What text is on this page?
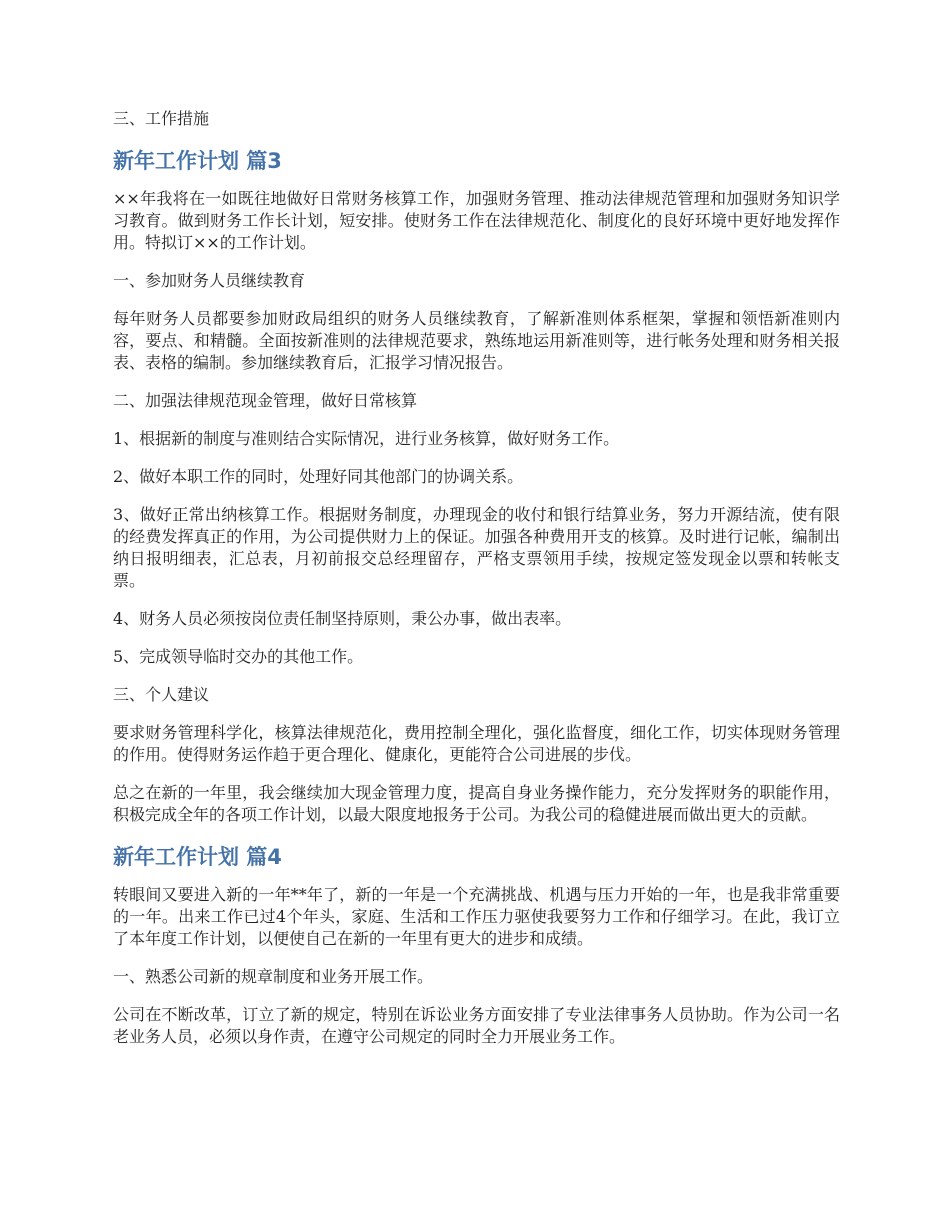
三、工作措施

新年工作计划 篇3

××年我将在一如既往地做好日常财务核算工作，加强财务管理、推动法律规范管理和加强财务知识学习教育。做到财务工作长计划，短安排。使财务工作在法律规范化、制度化的良好环境中更好地发挥作用。特拟订××的工作计划。

一、参加财务人员继续教育

每年财务人员都要参加财政局组织的财务人员继续教育，了解新准则体系框架，掌握和领悟新准则内容，要点、和精髓。全面按新准则的法律规范要求，熟练地运用新准则等，进行帐务处理和财务相关报表、表格的编制。参加继续教育后，汇报学习情况报告。

二、加强法律规范现金管理，做好日常核算

1、根据新的制度与准则结合实际情况，进行业务核算，做好财务工作。

2、做好本职工作的同时，处理好同其他部门的协调关系。

3、做好正常出纳核算工作。根据财务制度，办理现金的收付和银行结算业务，努力开源结流，使有限的经费发挥真正的作用，为公司提供财力上的保证。加强各种费用开支的核算。及时进行记帐，编制出纳日报明细表，汇总表，月初前报交总经理留存，严格支票领用手续，按规定签发现金以票和转帐支票。

4、财务人员必须按岗位责任制坚持原则，秉公办事，做出表率。

5、完成领导临时交办的其他工作。

三、个人建议

要求财务管理科学化，核算法律规范化，费用控制全理化，强化监督度，细化工作，切实体现财务管理的作用。使得财务运作趋于更合理化、健康化，更能符合公司进展的步伐。

总之在新的一年里，我会继续加大现金管理力度，提高自身业务操作能力，充分发挥财务的职能作用，积极完成全年的各项工作计划，以最大限度地报务于公司。为我公司的稳健进展而做出更大的贡献。

新年工作计划 篇4

转眼间又要进入新的一年**年了，新的一年是一个充满挑战、机遇与压力开始的一年，也是我非常重要的一年。出来工作已过4个年头，家庭、生活和工作压力驱使我要努力工作和仔细学习。在此，我订立了本年度工作计划，以便使自己在新的一年里有更大的进步和成绩。

一、熟悉公司新的规章制度和业务开展工作。

公司在不断改革，订立了新的规定，特别在诉讼业务方面安排了专业法律事务人员协助。作为公司一名老业务人员，必须以身作责，在遵守公司规定的同时全力开展业务工作。
